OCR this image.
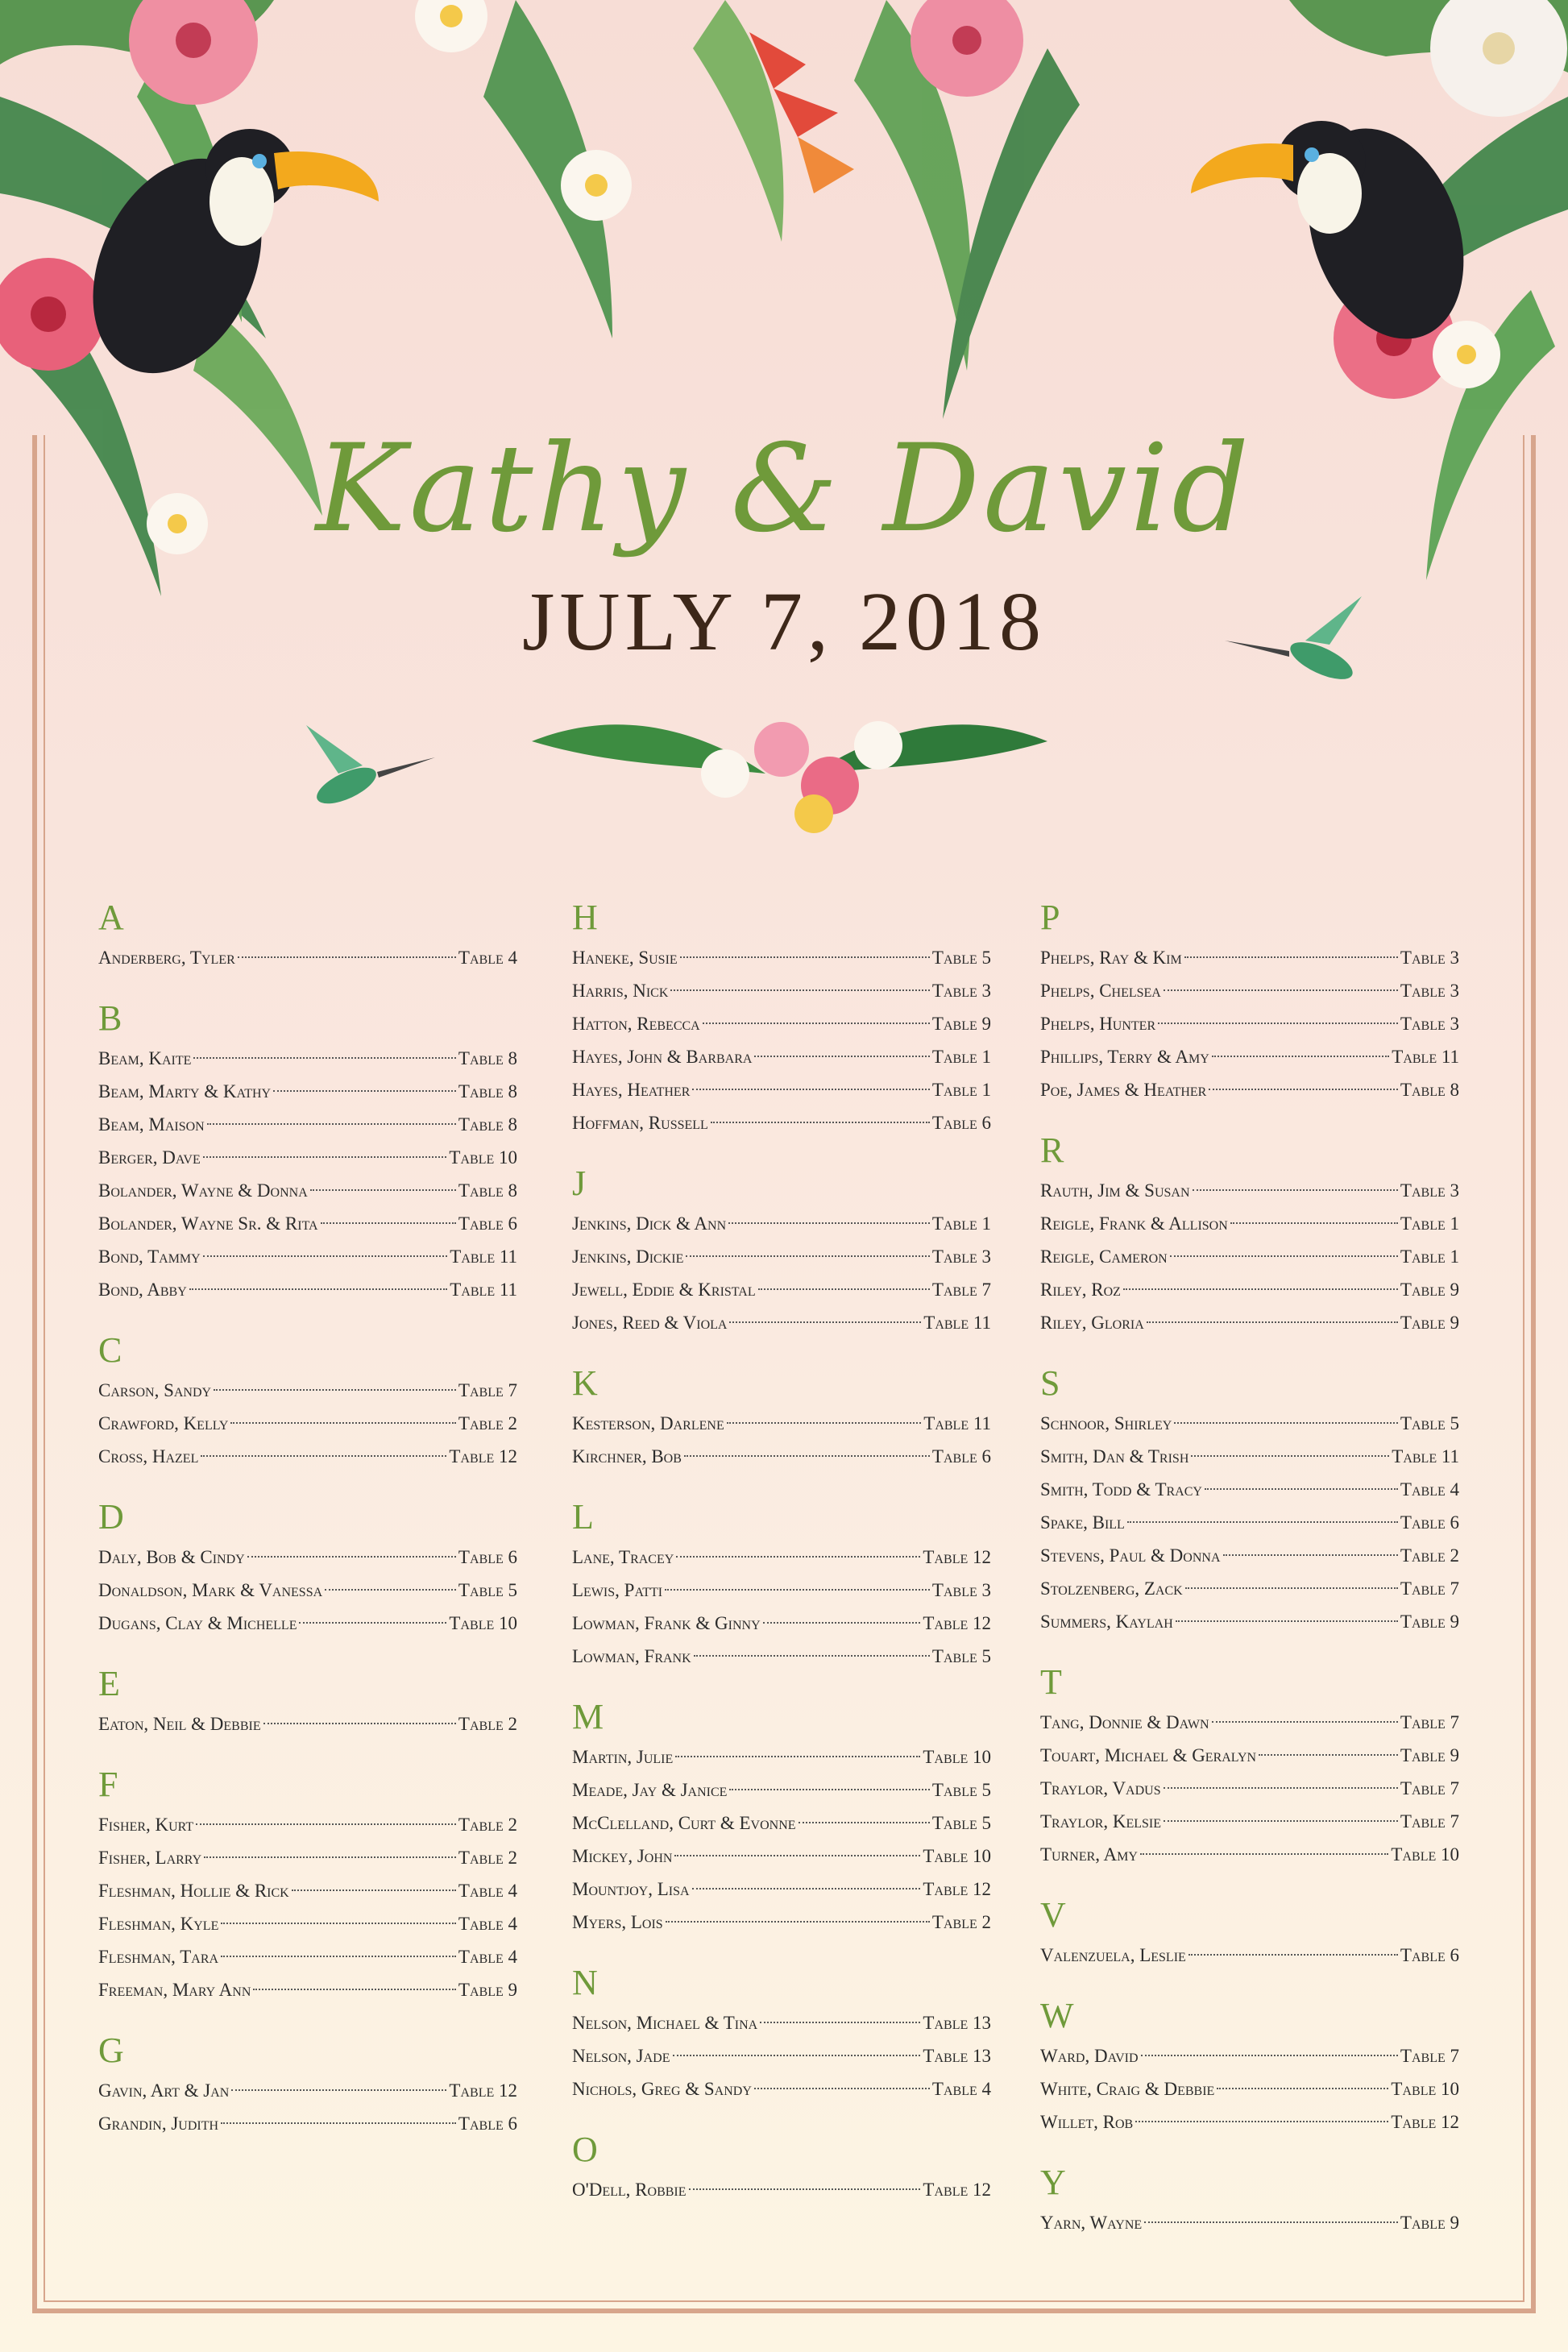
Kathy & David
JULY 7, 2018
A
Anderberg, Tyler	Table 4
B
Beam, Kaite	Table 8
Beam, Marty & Kathy	Table 8
Beam, Maison	Table 8
Berger, Dave	Table 10
Bolander, Wayne & Donna	Table 8
Bolander, Wayne Sr. & Rita	Table 6
Bond, Tammy	Table 11
Bond, Abby	Table 11
C
Carson, Sandy	Table 7
Crawford, Kelly	Table 2
Cross, Hazel	Table 12
D
Daly, Bob & Cindy	Table 6
Donaldson, Mark & Vanessa	Table 5
Dugans, Clay & Michelle	Table 10
E
Eaton, Neil & Debbie	Table 2
F
Fisher, Kurt	Table 2
Fisher, Larry	Table 2
Fleshman, Hollie & Rick	Table 4
Fleshman, Kyle	Table 4
Fleshman, Tara	Table 4
Freeman, Mary Ann	Table 9
G
Gavin, Art & Jan	Table 12
Grandin, Judith	Table 6
H
Haneke, Susie	Table 5
Harris, Nick	Table 3
Hatton, Rebecca	Table 9
Hayes, John & Barbara	Table 1
Hayes, Heather	Table 1
Hoffman, Russell	Table 6
J
Jenkins, Dick & Ann	Table 1
Jenkins, Dickie	Table 3
Jewell, Eddie & Kristal	Table 7
Jones, Reed & Viola	Table 11
K
Kesterson, Darlene	Table 11
Kirchner, Bob	Table 6
L
Lane, Tracey	Table 12
Lewis, Patti	Table 3
Lowman, Frank & Ginny	Table 12
Lowman, Frank	Table 5
M
Martin, Julie	Table 10
Meade, Jay & Janice	Table 5
McClelland, Curt & Evonne	Table 5
Mickey, John	Table 10
Mountjoy, Lisa	Table 12
Myers, Lois	Table 2
N
Nelson, Michael & Tina	Table 13
Nelson, Jade	Table 13
Nichols, Greg & Sandy	Table 4
O
O'Dell, Robbie	Table 12
P
Phelps, Ray & Kim	Table 3
Phelps, Chelsea	Table 3
Phelps, Hunter	Table 3
Phillips, Terry & Amy	Table 11
Poe, James & Heather	Table 8
R
Rauth, Jim & Susan	Table 3
Reigle, Frank & Allison	Table 1
Reigle, Cameron	Table 1
Riley, Roz	Table 9
Riley, Gloria	Table 9
S
Schnoor, Shirley	Table 5
Smith, Dan & Trish	Table 11
Smith, Todd & Tracy	Table 4
Spake, Bill	Table 6
Stevens, Paul & Donna	Table 2
Stolzenberg, Zack	Table 7
Summers, Kaylah	Table 9
T
Tang, Donnie & Dawn	Table 7
Touart, Michael & Geralyn	Table 9
Traylor, Vadus	Table 7
Traylor, Kelsie	Table 7
Turner, Amy	Table 10
V
Valenzuela, Leslie	Table 6
W
Ward, David	Table 7
White, Craig & Debbie	Table 10
Willet, Rob	Table 12
Y
Yarn, Wayne	Table 9
